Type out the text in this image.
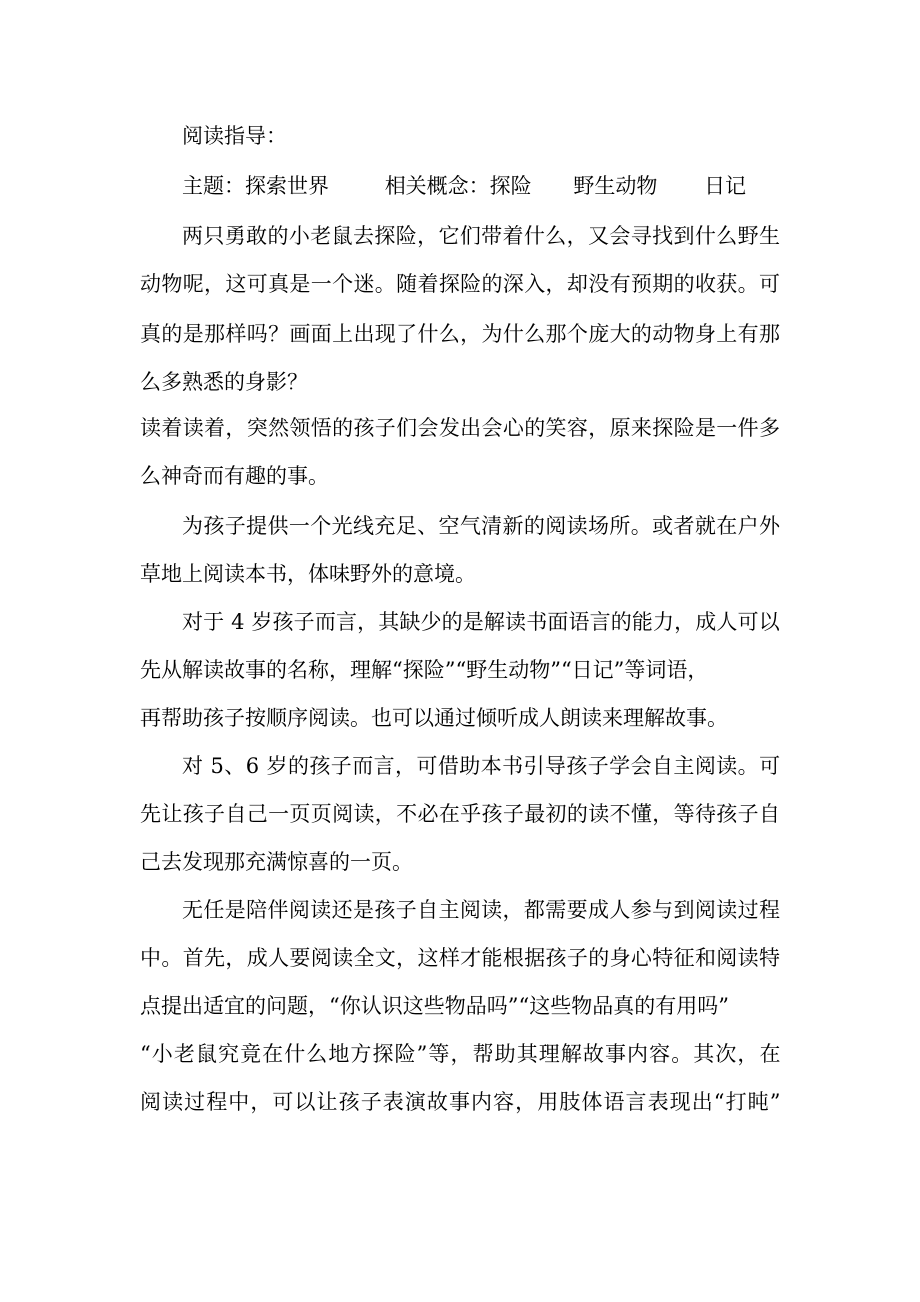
阅读指导：
主题：探索世界	相关概念：探险 野生动物 日记
两只勇敢的小老鼠去探险，它们带着什么，又会寻找到什么野生
动物呢，这可真是一个迷。随着探险的深入，却没有预期的收获。可
真的是那样吗？画面上出现了什么，为什么那个庞大的动物身上有那
么多熟悉的身影？
读着读着，突然领悟的孩子们会发出会心的笑容，原来探险是一件多
么神奇而有趣的事。
为孩子提供一个光线充足、空气清新的阅读场所。或者就在户外
草地上阅读本书，体味野外的意境。
对于 4 岁孩子而言，其缺少的是解读书面语言的能力，成人可以
先从解读故事的名称，理解“探险”“野生动物”“日记”等词语，
再帮助孩子按顺序阅读。也可以通过倾听成人朗读来理解故事。
对 5、6 岁的孩子而言，可借助本书引导孩子学会自主阅读。可
先让孩子自己一页页阅读，不必在乎孩子最初的读不懂，等待孩子自
己去发现那充满惊喜的一页。
无任是陪伴阅读还是孩子自主阅读，都需要成人参与到阅读过程
中。首先，成人要阅读全文，这样才能根据孩子的身心特征和阅读特
点提出适宜的问题，“你认识这些物品吗”“这些物品真的有用吗”
“小老鼠究竟在什么地方探险”等，帮助其理解故事内容。其次，在
阅读过程中，可以让孩子表演故事内容，用肢体语言表现出“打盹”
